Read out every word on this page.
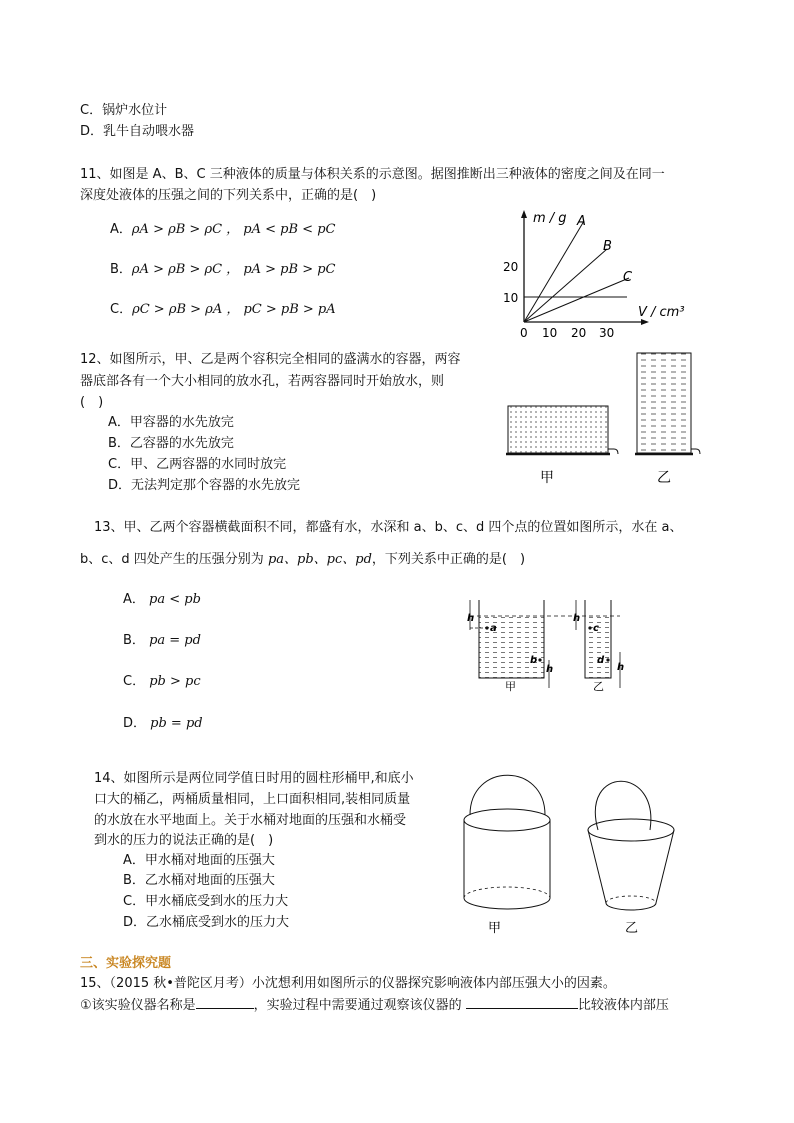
C．锅炉水位计
D．乳牛自动喂水器
11、如图是 A、B、C 三种液体的质量与体积关系的示意图。据图推断出三种液体的密度之间及在同一
深度处液体的压强之间的下列关系中，正确的是(　)
A．ρA > ρB > ρC ， pA < pB < pC
B．ρA > ρB > ρC ， pA > pB > pC
C．ρC > ρB > ρA ， pC > pB > pA
m / g A
B
C
20
10
0 10 20 30
V / cm³
12、如图所示，甲、乙是两个容积完全相同的盛满水的容器，两容
器底部各有一个大小相同的放水孔，若两容器同时开始放水，则
(　)
A．甲容器的水先放完
B．乙容器的水先放完
C．甲、乙两容器的水同时放完
D．无法判定那个容器的水先放完	甲	乙
13、甲、乙两个容器横截面积不同，都盛有水，水深和 a、b、c、d 四个点的位置如图所示，水在 a、
b、c、d 四处产生的压强分别为 pa、pb、pc、pd，下列关系中正确的是(　)
A． pa < pb
B． pa = pd
C． pb > pc
D． pb = pd
h
a
b
h
h
c
d
h
甲	乙
14、如图所示是两位同学值日时用的圆柱形桶甲,和底小
口大的桶乙，两桶质量相同，上口面积相同,装相同质量
的水放在水平地面上。关于水桶对地面的压强和水桶受
到水的压力的说法正确的是(　)
A．甲水桶对地面的压强大
B．乙水桶对地面的压强大
C．甲水桶底受到水的压力大
D．乙水桶底受到水的压力大	甲	乙
三、实验探究题
15、（2015 秋•普陀区月考）小沈想利用如图所示的仪器探究影响液体内部压强大小的因素。
①该实验仪器名称是	，实验过程中需要通过观察该仪器的	比较液体内部压
